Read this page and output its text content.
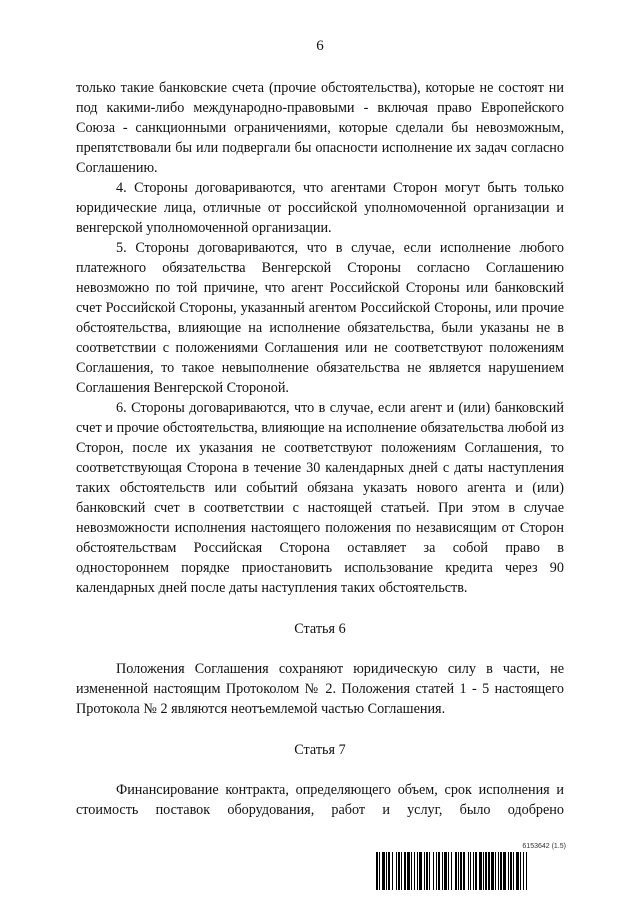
6

только такие банковские счета (прочие обстоятельства), которые не состоят ни под какими-либо международно-правовыми - включая право Европейского Союза - санкционными ограничениями, которые сделали бы невозможным, препятствовали бы или подвергали бы опасности исполнение их задач согласно Соглашению.

4. Стороны договариваются, что агентами Сторон могут быть только юридические лица, отличные от российской уполномоченной организации и венгерской уполномоченной организации.

5. Стороны договариваются, что в случае, если исполнение любого платежного обязательства Венгерской Стороны согласно Соглашению невозможно по той причине, что агент Российской Стороны или банковский счет Российской Стороны, указанный агентом Российской Стороны, или прочие обстоятельства, влияющие на исполнение обязательства, были указаны не в соответствии с положениями Соглашения или не соответствуют положениям Соглашения, то такое невыполнение обязательства не является нарушением Соглашения Венгерской Стороной.

6. Стороны договариваются, что в случае, если агент и (или) банковский счет и прочие обстоятельства, влияющие на исполнение обязательства любой из Сторон, после их указания не соответствуют положениям Соглашения, то соответствующая Сторона в течение 30 календарных дней с даты наступления таких обстоятельств или событий обязана указать нового агента и (или) банковский счет в соответствии с настоящей статьей. При этом в случае невозможности исполнения настоящего положения по независящим от Сторон обстоятельствам Российская Сторона оставляет за собой право в одностороннем порядке приостановить использование кредита через 90 календарных дней после даты наступления таких обстоятельств.

Статья 6

Положения Соглашения сохраняют юридическую силу в части, не измененной настоящим Протоколом № 2. Положения статей 1 - 5 настоящего Протокола № 2 являются неотъемлемой частью Соглашения.

Статья 7

Финансирование контракта, определяющего объем, срок исполнения и стоимость поставок оборудования, работ и услуг, было одобрено

6153642 (1.5)
